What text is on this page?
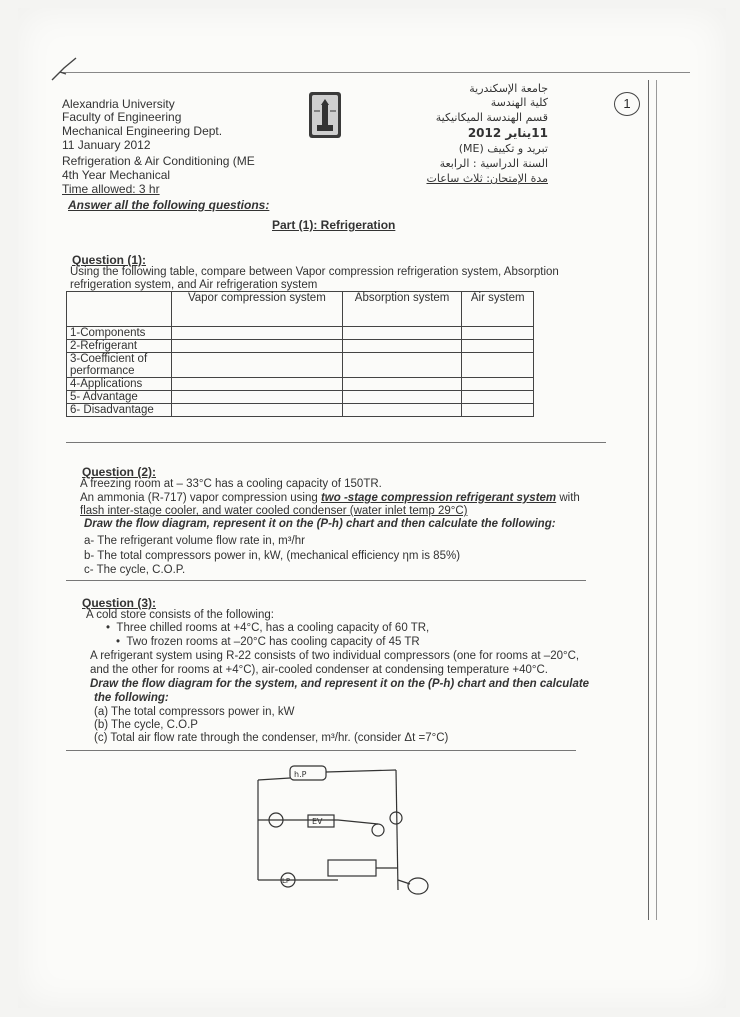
Alexandria University
Faculty of Engineering
Mechanical Engineering Dept.
11 January 2012
Refrigeration & Air Conditioning (ME
4th Year Mechanical
Time allowed: 3 hr
جامعة الإسكندرية
كلية الهندسة
قسم الهندسة الميكانيكية
11يناير 2012
تبريد و تكييف (ME)
السنة الدراسية : الرابعة
مدة الإمتحان: ثلاث ساعات
1
Answer all the following questions:
Part (1): Refrigeration
Question (1):
Using the following table, compare between Vapor compression refrigeration system, Absorption
refrigeration system, and Air refrigeration system
	Vapor compression system	Absorption system	Air system
1-Components			
2-Refrigerant			
3-Coefficient of			
performance			
4-Applications			
5- Advantage			
6- Disadvantage			
Question (2):
A freezing room at – 33°C has a cooling capacity of 150TR.
An ammonia (R-717) vapor compression using two -stage compression refrigerant system with
flash inter-stage cooler, and water cooled condenser (water inlet temp 29°C)
Draw the flow diagram, represent it on the (P-h) chart and then calculate the following:
a- The refrigerant volume flow rate in, m³/hr
b- The total compressors power in, kW, (mechanical efficiency ηm is 85%)
c- The cycle, C.O.P.
Question (3):
A cold store consists of the following:
•  Three chilled rooms at +4°C, has a cooling capacity of 60 TR,
•  Two frozen rooms at –20°C has cooling capacity of 45 TR
A refrigerant system using R-22 consists of two individual compressors (one for rooms at –20°C,
and the other for rooms at +4°C), air-cooled condenser at condensing temperature +40°C.
Draw the flow diagram for the system, and represent it on the (P-h) chart and then calculate
the following:
(a) The total compressors power in, kW
(b) The cycle, C.O.P
(c) Total air flow rate through the condenser, m³/hr. (consider Δt =7°C)
h.P
EV
LP
